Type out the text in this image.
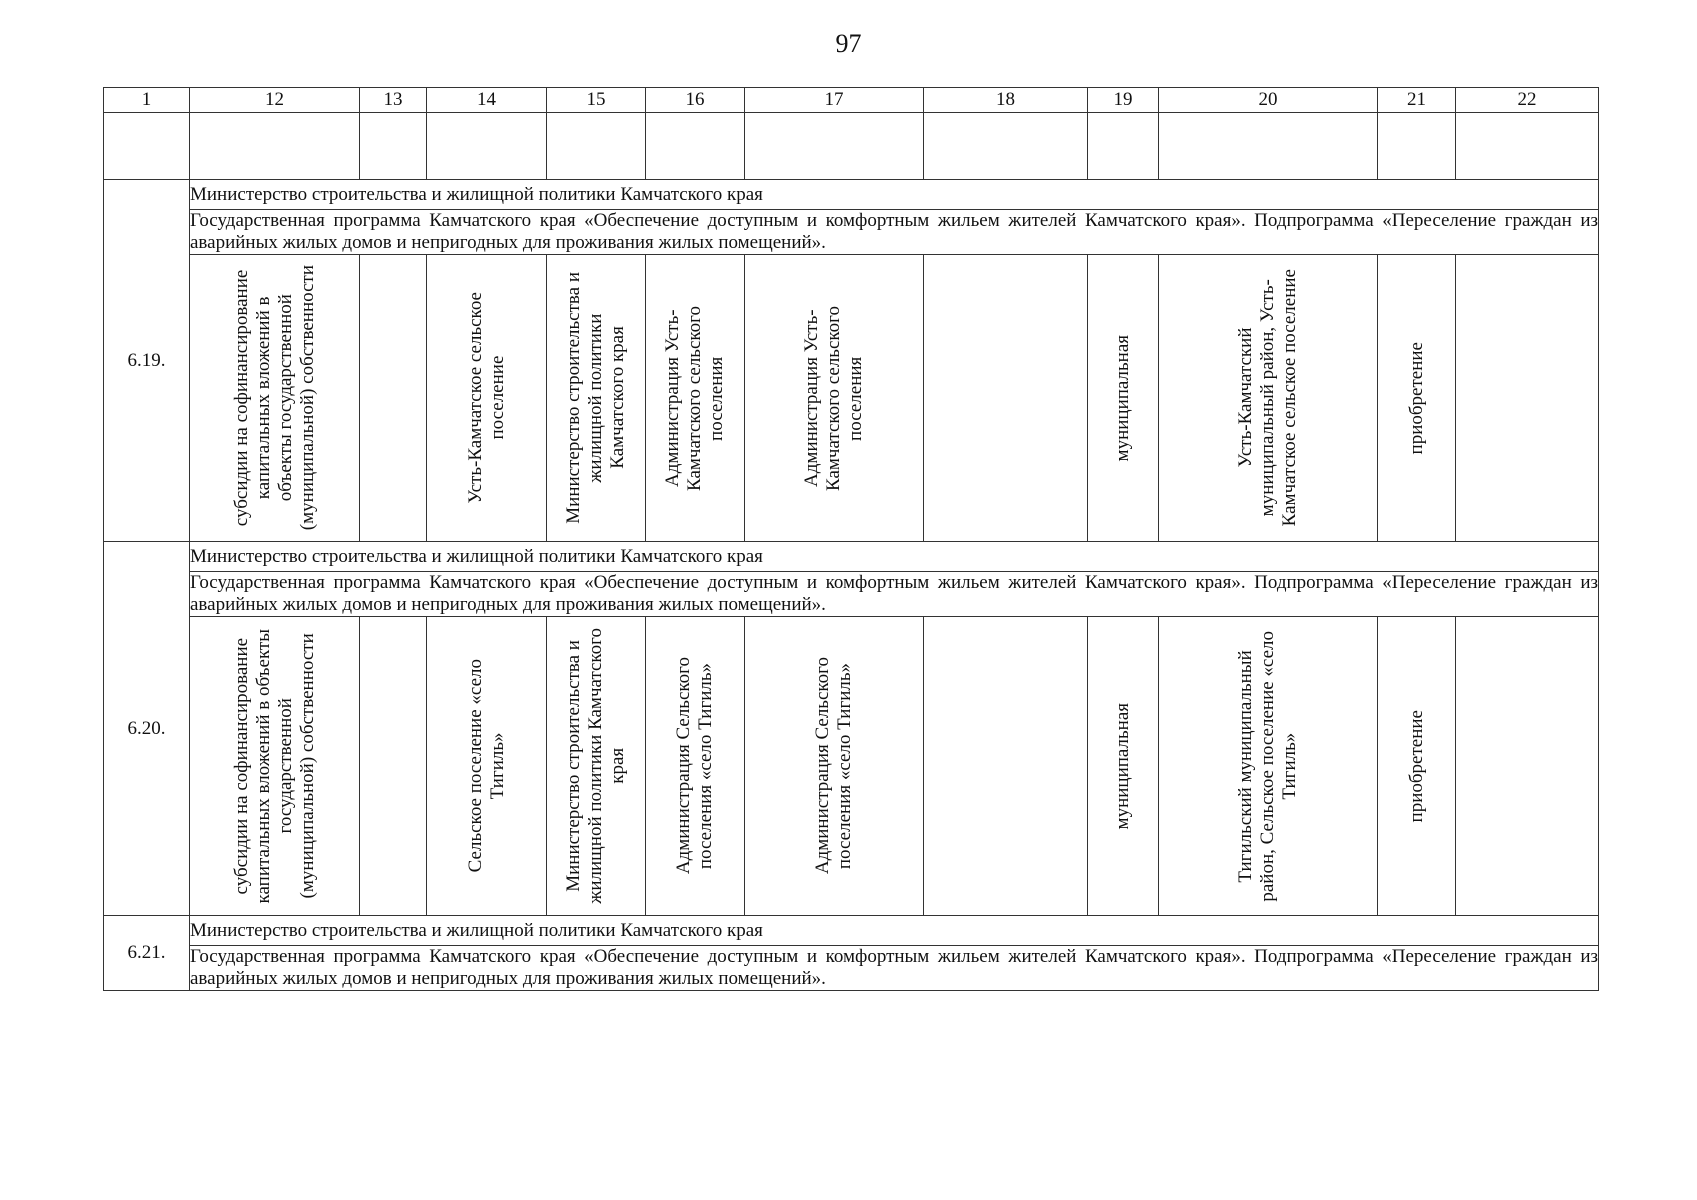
97
1	12	13	14	15	16	17	18	19	20	21	22

6.19.	Министерство строительства и жилищной политики Камчатского края										
	Государственная программа Камчатского края «Обеспечение доступным и комфортным жильем жителей Камчатского края». Подпрограмма «Переселение граждан из аварийных жилых домов и непригодных для проживания жилых помещений».										

	субсидии на софинансирование
капитальных вложений в
объекты государственной
(муниципальной) собственности		Усть-Камчатское сельское
поселение	Министерство строительства и
жилищной политики
Камчатского края	Администрация Усть-
Камчатского сельского
поселения	Администрация Усть-
Камчатского сельского
поселения		муниципальная	Усть-Камчатский
муниципальный район, Усть-
Камчатское сельское поселение	приобретение	

6.20.	Министерство строительства и жилищной политики Камчатского края										
	Государственная программа Камчатского края «Обеспечение доступным и комфортным жильем жителей Камчатского края». Подпрограмма «Переселение граждан из аварийных жилых домов и непригодных для проживания жилых помещений».										

	субсидии на софинансирование
капитальных вложений в объекты
государственной
(муниципальной) собственности		Сельское поселение «село
Тигиль»	Министерство строительства и
жилищной политики Камчатского
края	Администрация Сельского
поселения «село Тигиль»	Администрация Сельского
поселения «село Тигиль»		муниципальная	Тигильский муниципальный
район, Сельское поселение «село
Тигиль»	приобретение	

6.21.	Министерство строительства и жилищной политики Камчатского края										
	Государственная программа Камчатского края «Обеспечение доступным и комфортным жильем жителей Камчатского края». Подпрограмма «Переселение граждан из аварийных жилых домов и непригодных для проживания жилых помещений».										
